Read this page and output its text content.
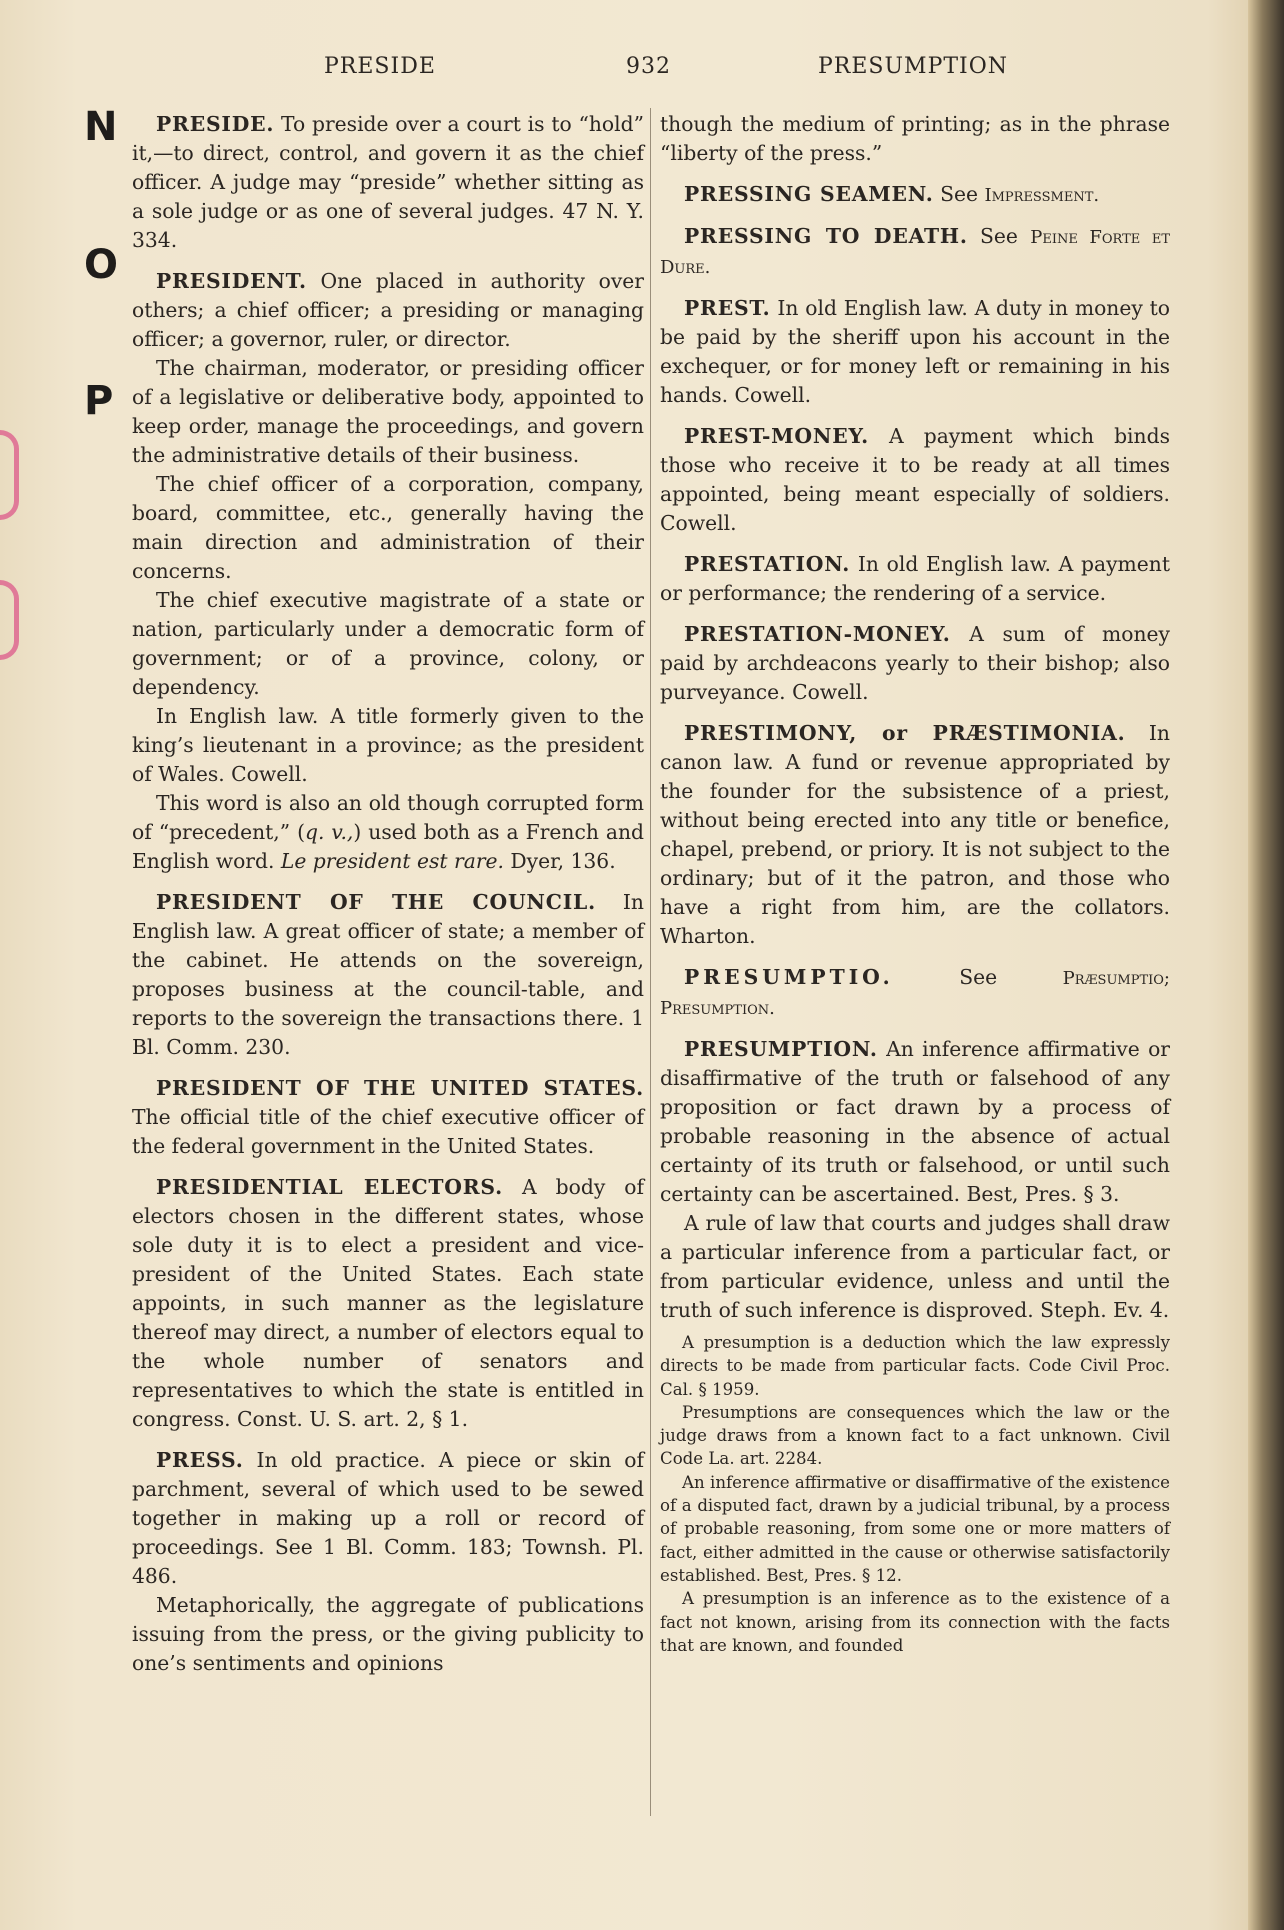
N
O
P
PRESIDE	932	PRESUMPTION

PRESIDE. To preside over a court is to “hold” it,—to direct, control, and govern it as the chief officer. A judge may “preside” whether sitting as a sole judge or as one of several judges. 47 N. Y. 334.

PRESIDENT. One placed in authority over others; a chief officer; a presiding or managing officer; a governor, ruler, or director.

The chairman, moderator, or presiding officer of a legislative or deliberative body, appointed to keep order, manage the proceedings, and govern the administrative details of their business.

The chief officer of a corporation, company, board, committee, etc., generally having the main direction and administration of their concerns.

The chief executive magistrate of a state or nation, particularly under a democratic form of government; or of a province, colony, or dependency.

In English law. A title formerly given to the king’s lieutenant in a province; as the president of Wales. Cowell.

This word is also an old though corrupted form of “precedent,” (q. v.,) used both as a French and English word. Le president est rare. Dyer, 136.

PRESIDENT OF THE COUNCIL. In English law. A great officer of state; a member of the cabinet. He attends on the sovereign, proposes business at the council-table, and reports to the sovereign the transactions there. 1 Bl. Comm. 230.

PRESIDENT OF THE UNITED STATES. The official title of the chief executive officer of the federal government in the United States.

PRESIDENTIAL ELECTORS. A body of electors chosen in the different states, whose sole duty it is to elect a president and vice-president of the United States. Each state appoints, in such manner as the legislature thereof may direct, a number of electors equal to the whole number of senators and representatives to which the state is entitled in congress. Const. U. S. art. 2, § 1.

PRESS. In old practice. A piece or skin of parchment, several of which used to be sewed together in making up a roll or record of proceedings. See 1 Bl. Comm. 183; Townsh. Pl. 486.

Metaphorically, the aggregate of publications issuing from the press, or the giving publicity to one’s sentiments and opinions

though the medium of printing; as in the phrase “liberty of the press.”

PRESSING SEAMEN. See Impressment.

PRESSING TO DEATH. See Peine Forte et Dure.

PREST. In old English law. A duty in money to be paid by the sheriff upon his account in the exchequer, or for money left or remaining in his hands. Cowell.

PREST-MONEY. A payment which binds those who receive it to be ready at all times appointed, being meant especially of soldiers. Cowell.

PRESTATION. In old English law. A payment or performance; the rendering of a service.

PRESTATION-MONEY. A sum of money paid by archdeacons yearly to their bishop; also purveyance. Cowell.

PRESTIMONY, or PRÆSTIMONIA. In canon law. A fund or revenue appropriated by the founder for the subsistence of a priest, without being erected into any title or benefice, chapel, prebend, or priory. It is not subject to the ordinary; but of it the patron, and those who have a right from him, are the collators. Wharton.

PRESUMPTIO.	See	Præsumptio; Presumption.

PRESUMPTION. An inference affirmative or disaffirmative of the truth or falsehood of any proposition or fact drawn by a process of probable reasoning in the absence of actual certainty of its truth or falsehood, or until such certainty can be ascertained. Best, Pres. § 3.

A rule of law that courts and judges shall draw a particular inference from a particular fact, or from particular evidence, unless and until the truth of such inference is disproved. Steph. Ev. 4.

A presumption is a deduction which the law expressly directs to be made from particular facts. Code Civil Proc. Cal. § 1959.

Presumptions are consequences which the law or the judge draws from a known fact to a fact unknown. Civil Code La. art. 2284.

An inference affirmative or disaffirmative of the existence of a disputed fact, drawn by a judicial tribunal, by a process of probable reasoning, from some one or more matters of fact, either admitted in the cause or otherwise satisfactorily established. Best, Pres. § 12.

A presumption is an inference as to the existence of a fact not known, arising from its connection with the facts that are known, and founded
